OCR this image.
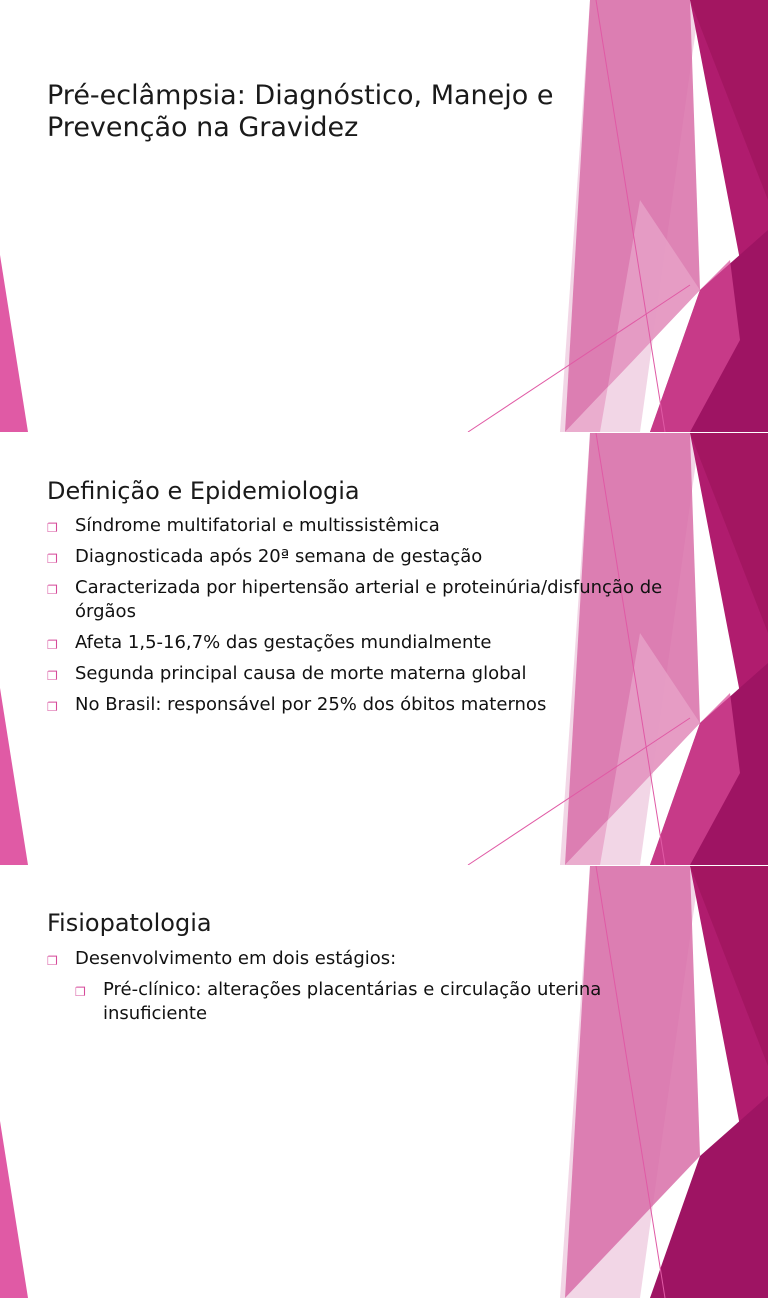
Pré-eclâmpsia: Diagnóstico, Manejo e
Prevenção na Gravidez
Definição e Epidemiologia
❐ Síndrome multifatorial e multissistêmica
❐ Diagnosticada após 20ª semana de gestação
❐ Caracterizada por hipertensão arterial e proteinúria/disfunção de órgãos
❐ Afeta 1,5-16,7% das gestações mundialmente
❐ Segunda principal causa de morte materna global
❐ No Brasil: responsável por 25% dos óbitos maternos
Fisiopatologia
❐ Desenvolvimento em dois estágios:
❐ Pré-clínico: alterações placentárias e circulação uterina insuficiente
